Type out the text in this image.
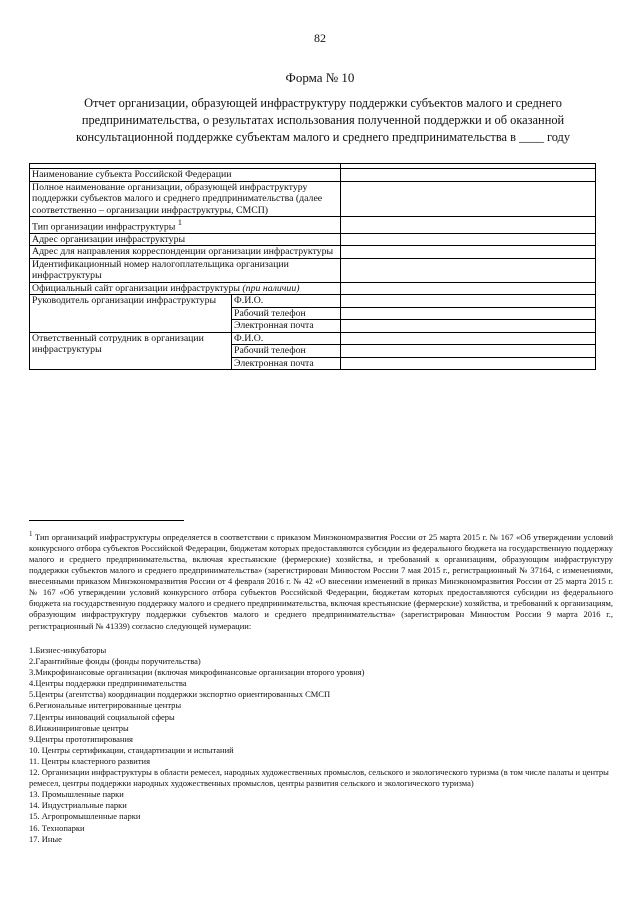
82
Форма № 10
Отчет организации, образующей инфраструктуру поддержки субъектов малого и среднего предпринимательства, о результатах использования полученной поддержки и об оказанной консультационной поддержке субъектам малого и среднего предпринимательства в ____ году

Наименование субъекта Российской Федерации		
Полное наименование организации, образующей инфраструктуру поддержки субъектов малого и среднего предпринимательства (далее соответственно – организации инфраструктуры, СМСП)		
Тип организации инфраструктуры $^1$	
Адрес организации инфраструктуры		
Адрес для направления корреспонденции организации инфраструктуры		
Идентификационный номер налогоплательщика организации инфраструктуры		
Официальный сайт организации инфраструктуры (при наличии)		
Руководитель организации инфраструктуры	Ф.И.О.	
	Рабочий телефон	
	Электронная почта	
Ответственный сотрудник в организации инфраструктуры	Ф.И.О.	
	Рабочий телефон	
	Электронная почта	
$^1$ Тип организаций инфраструктуры определяется в соответствии с приказом Минэкономразвития России от 25 марта 2015 г. № 167 «Об утверждении условий конкурсного отбора субъектов Российской Федерации, бюджетам которых предоставляются субсидии из федерального бюджета на государственную поддержку малого и среднего предпринимательства, включая крестьянские (фермерские) хозяйства, и требований к организациям, образующим инфраструктуру поддержки субъектов малого и среднего предпринимательства» (зарегистрирован Минюстом России 7 мая 2015 г., регистрационный № 37164, с изменениями, внесенными приказом Минэкономразвития России от 4 февраля 2016 г. № 42 «О внесении изменений в приказ Минэкономразвития России от 25 марта 2015 г. № 167 «Об утверждении условий конкурсного отбора субъектов Российской Федерации, бюджетам которых предоставляются субсидии из федерального бюджета на государственную поддержку малого и среднего предпринимательства, включая крестьянские (фермерские) хозяйства, и требований к организациям, образующим инфраструктуру поддержки субъектов малого и среднего предпринимательства» (зарегистрирован Минюстом России 9 марта 2016 г., регистрационный № 41339) согласно следующей нумерации:
1.Бизнес-инкубаторы
2.Гарантийные фонды (фонды поручительства)
3.Микрофинансовые организации (включая микрофинансовые организации второго уровня)
4.Центры поддержки предпринимательства
5.Центры (агентства) координации поддержки экспортно ориентированных СМСП
6.Региональные интегрированные центры
7.Центры инноваций социальной сферы
8.Инжиниринговые центры
9.Центры прототипирования
10. Центры сертификации, стандартизации и испытаний
11. Центры кластерного развития
12. Организации инфраструктуры в области ремесел, народных художественных промыслов, сельского и экологического туризма (в том числе палаты и центры ремесел, центры поддержки народных художественных промыслов, центры развития сельского и экологического туризма)
13. Промышленные парки
14. Индустриальные парки
15. Агропромышленные парки
16. Технопарки
17. Иные
